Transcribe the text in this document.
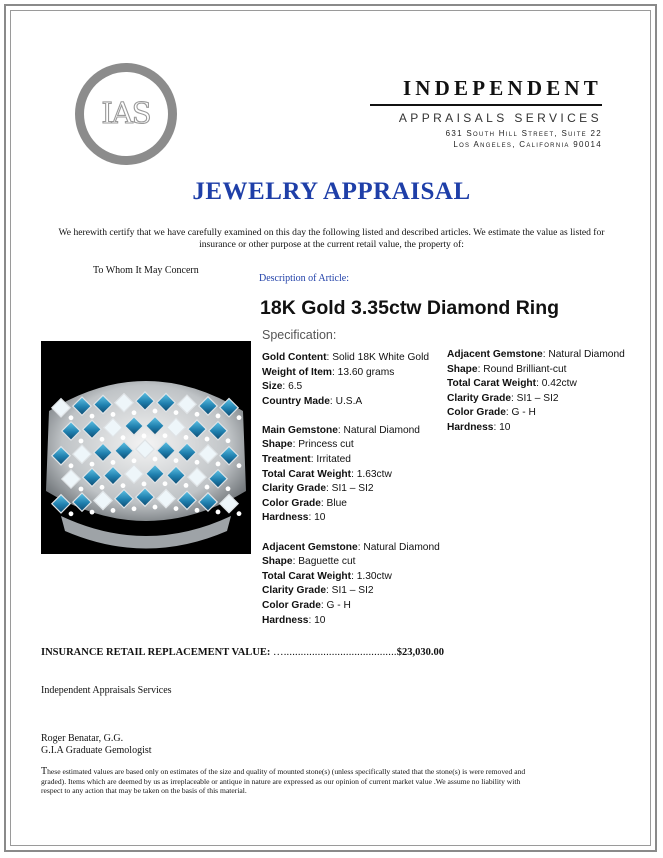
IAS
Appraisal
INDEPENDENT
APPRAISALS SERVICES
631 South Hill Street, Suite 22
Los Angeles, California 90014
JEWELRY APPRAISAL
We herewith certify that we have carefully examined on this day the following listed and described articles. We estimate the value as listed for insurance or other purpose at the current retail value, the property of:
To Whom It May Concern
Description of Article:
18K Gold 3.35ctw Diamond Ring
Specification:
Gold Content: Solid 18K White Gold
Weight of Item: 13.60 grams
Size: 6.5
Country Made: U.S.A
Main Gemstone: Natural Diamond
Shape: Princess cut
Treatment: Irritated
Total Carat Weight: 1.63ctw
Clarity Grade: SI1 – SI2
Color Grade: Blue
Hardness: 10
Adjacent Gemstone: Natural Diamond
Shape: Baguette cut
Total Carat Weight: 1.30ctw
Clarity Grade: SI1 – SI2
Color Grade: G - H
Hardness: 10
Adjacent Gemstone: Natural Diamond
Shape: Round Brilliant-cut
Total Carat Weight: 0.42ctw
Clarity Grade: SI1 – SI2
Color Grade: G - H
Hardness: 10
INSURANCE RETAIL REPLACEMENT VALUE: …........................................$23,030.00
Independent Appraisals Services
Roger Benatar, G.G.
G.I.A Graduate Gemologist
These estimated values are based only on estimates of the size and quality of mounted stone(s) (unless specifically stated that the stone(s) is were removed and graded). Items which are deemed by us as irreplaceable or antique in nature are expressed as our opinion of current market value .We assume no liability with respect to any action that may be taken on the basis of this material.
